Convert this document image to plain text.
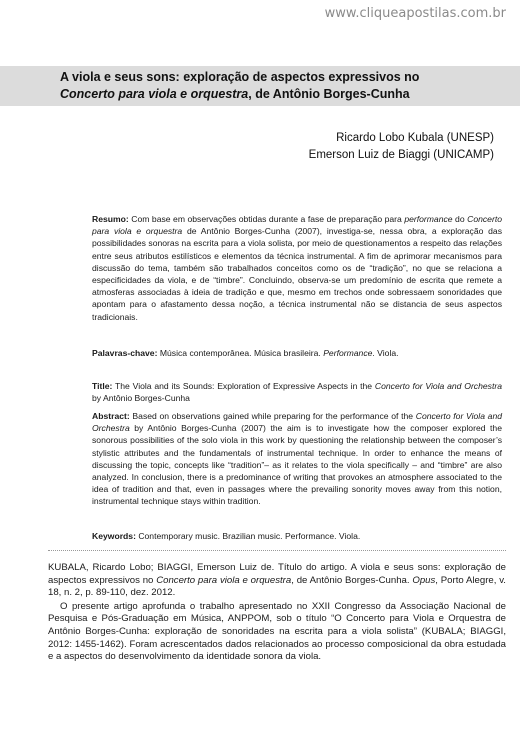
www.cliqueapostilas.com.br
A viola e seus sons: exploração de aspectos expressivos no
Concerto para viola e orquestra, de Antônio Borges-Cunha
Ricardo Lobo Kubala (UNESP)
Emerson Luiz de Biaggi (UNICAMP)
Resumo: Com base em observações obtidas durante a fase de preparação para performance do Concerto para viola e orquestra de Antônio Borges-Cunha (2007), investiga-se, nessa obra, a exploração das possibilidades sonoras na escrita para a viola solista, por meio de questionamentos a respeito das relações entre seus atributos estilísticos e elementos da técnica instrumental. A fim de aprimorar mecanismos para discussão do tema, também são trabalhados conceitos como os de “tradição”, no que se relaciona a especificidades da viola, e de “timbre”. Concluindo, observa-se um predomínio de escrita que remete a atmosferas associadas à ideia de tradição e que, mesmo em trechos onde sobressaem sonoridades que apontam para o afastamento dessa noção, a técnica instrumental não se distancia de seus aspectos tradicionais.
Palavras-chave: Música contemporânea. Música brasileira. Performance. Viola.
Title: The Viola and its Sounds: Exploration of Expressive Aspects in the Concerto for Viola and Orchestra by Antônio Borges-Cunha
Abstract: Based on observations gained while preparing for the performance of the Concerto for Viola and Orchestra by Antônio Borges-Cunha (2007) the aim is to investigate how the composer explored the sonorous possibilities of the solo viola in this work by questioning the relationship between the composer’s stylistic attributes and the fundamentals of instrumental technique. In order to enhance the means of discussing the topic, concepts like “tradition”– as it relates to the viola specifically – and “timbre” are also analyzed. In conclusion, there is a predominance of writing that provokes an atmosphere associated to the idea of tradition and that, even in passages where the prevailing sonority moves away from this notion, instrumental technique stays within tradition.
Keywords: Contemporary music. Brazilian music. Performance. Viola.

KUBALA, Ricardo Lobo; BIAGGI, Emerson Luiz de. Título do artigo. A viola e seus sons: exploração de aspectos expressivos no Concerto para viola e orquestra, de Antônio Borges-Cunha. Opus, Porto Alegre, v. 18, n. 2, p. 89-110, dez. 2012.

O presente artigo aprofunda o trabalho apresentado no XXII Congresso da Associação Nacional de Pesquisa e Pós-Graduação em Música, ANPPOM, sob o título “O Concerto para Viola e Orquestra de Antônio Borges-Cunha: exploração de sonoridades na escrita para a viola solista” (KUBALA; BIAGGI, 2012: 1455-1462). Foram acrescentados dados relacionados ao processo composicional da obra estudada e a aspectos do desenvolvimento da identidade sonora da viola.
